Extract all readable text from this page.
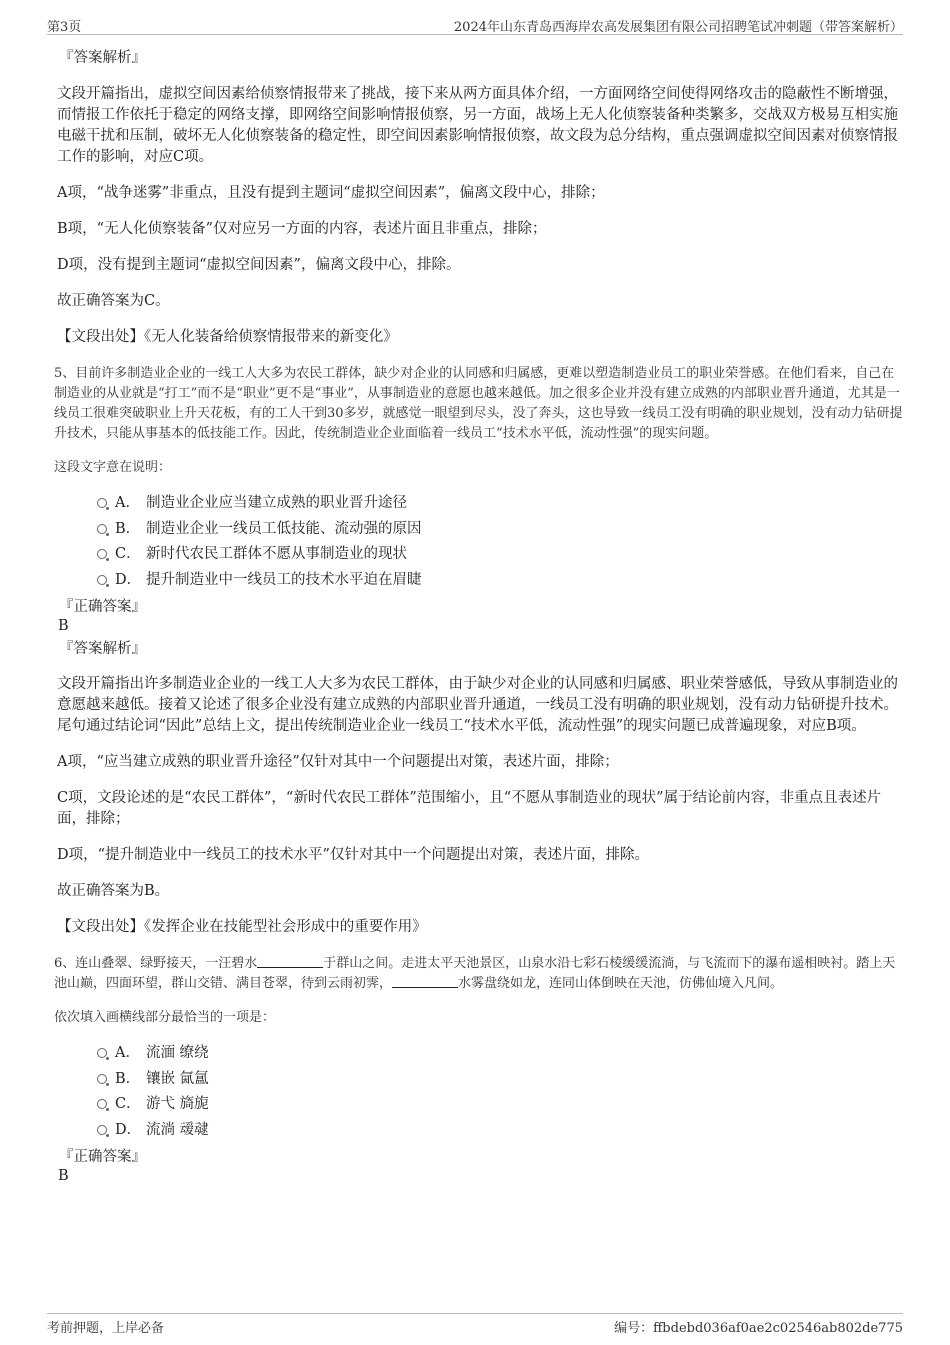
第3页	2024年山东青岛西海岸农高发展集团有限公司招聘笔试冲刺题（带答案解析）

『答案解析』

文段开篇指出，虚拟空间因素给侦察情报带来了挑战，接下来从两方面具体介绍，一方面网络空间使得网络攻击的隐蔽性不断增强，而情报工作依托于稳定的网络支撑，即网络空间影响情报侦察，另一方面，战场上无人化侦察装备种类繁多，交战双方极易互相实施电磁干扰和压制，破坏无人化侦察装备的稳定性，即空间因素影响情报侦察，故文段为总分结构，重点强调虚拟空间因素对侦察情报工作的影响，对应C项。

A项，“战争迷雾”非重点，且没有提到主题词“虚拟空间因素”，偏离文段中心，排除；

B项，“无人化侦察装备”仅对应另一方面的内容，表述片面且非重点，排除；

D项，没有提到主题词“虚拟空间因素”，偏离文段中心，排除。

故正确答案为C。

【文段出处】《无人化装备给侦察情报带来的新变化》

5、目前许多制造业企业的一线工人大多为农民工群体，缺少对企业的认同感和归属感，更难以塑造制造业员工的职业荣誉感。在他们看来，自己在制造业的从业就是“打工”而不是“职业”更不是“事业”，从事制造业的意愿也越来越低。加之很多企业并没有建立成熟的内部职业晋升通道，尤其是一线员工很难突破职业上升天花板，有的工人干到30多岁，就感觉一眼望到尽头，没了奔头，这也导致一线员工没有明确的职业规划，没有动力钻研提升技术，只能从事基本的低技能工作。因此，传统制造业企业面临着一线员工“技术水平低，流动性强”的现实问题。

这段文字意在说明：

A． 制造业企业应当建立成熟的职业晋升途径
B． 制造业企业一线员工低技能、流动强的原因
C． 新时代农民工群体不愿从事制造业的现状
D． 提升制造业中一线员工的技术水平迫在眉睫

『正确答案』

B

『答案解析』

文段开篇指出许多制造业企业的一线工人大多为农民工群体，由于缺少对企业的认同感和归属感、职业荣誉感低，导致从事制造业的意愿越来越低。接着又论述了很多企业没有建立成熟的内部职业晋升通道，一线员工没有明确的职业规划，没有动力钻研提升技术。尾句通过结论词“因此”总结上文，提出传统制造业企业一线员工“技术水平低，流动性强”的现实问题已成普遍现象，对应B项。

A项，“应当建立成熟的职业晋升途径”仅针对其中一个问题提出对策，表述片面，排除；

C项，文段论述的是“农民工群体”，“新时代农民工群体”范围缩小，且“不愿从事制造业的现状”属于结论前内容，非重点且表述片面，排除；

D项，“提升制造业中一线员工的技术水平”仅针对其中一个问题提出对策，表述片面，排除。

故正确答案为B。

【文段出处】《发挥企业在技能型社会形成中的重要作用》

6、连山叠翠、绿野接天，一汪碧水	于群山之间。走进太平天池景区，山泉水沿七彩石棱缓缓流淌，与飞流而下的瀑布遥相映衬。踏上天池山巅，四面环望，群山交错、满目苍翠，待到云雨初霁，	水雾盘绕如龙，连同山体倒映在天池，仿佛仙境入凡间。

依次填入画横线部分最恰当的一项是：

A． 流湎 缭绕
B． 镶嵌 氤氲
C． 游弋 旖旎
D． 流淌 叆叇

『正确答案』

B

考前押题，上岸必备	编号：ffbdebd036af0ae2c02546ab802de775
